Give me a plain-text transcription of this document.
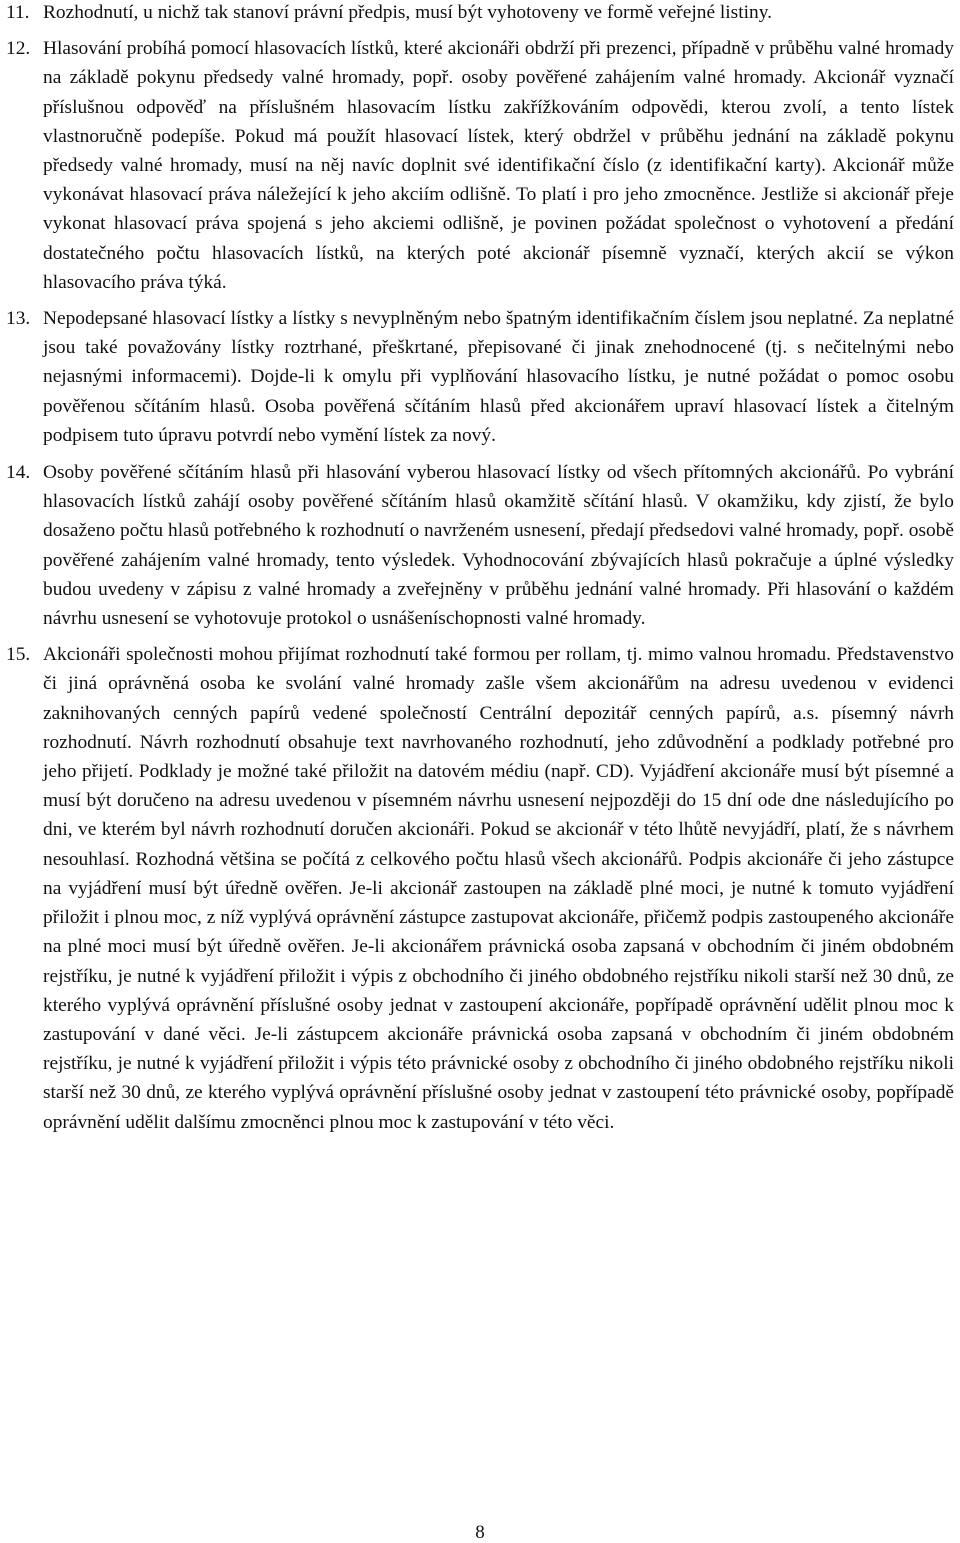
11. Rozhodnutí, u nichž tak stanoví právní předpis, musí být vyhotoveny ve formě veřejné listiny.
12. Hlasování probíhá pomocí hlasovacích lístků, které akcionáři obdrží při prezenci, případně v průběhu valné hromady na základě pokynu předsedy valné hromady, popř. osoby pověřené zahájením valné hromady. Akcionář vyznačí příslušnou odpověď na příslušném hlasovacím lístku zakřížkováním odpovědi, kterou zvolí, a tento lístek vlastnoručně podepíše. Pokud má použít hlasovací lístek, který obdržel v průběhu jednání na základě pokynu předsedy valné hromady, musí na něj navíc doplnit své identifikační číslo (z identifikační karty). Akcionář může vykonávat hlasovací práva náležející k jeho akciím odlišně. To platí i pro jeho zmocněnce. Jestliže si akcionář přeje vykonat hlasovací práva spojená s jeho akciemi odlišně, je povinen požádat společnost o vyhotovení a předání dostatečného počtu hlasovacích lístků, na kterých poté akcionář písemně vyznačí, kterých akcií se výkon hlasovacího práva týká.
13. Nepodepsané hlasovací lístky a lístky s nevyplněným nebo špatným identifikačním číslem jsou neplatné. Za neplatné jsou také považovány lístky roztrhané, přeškrtané, přepisované či jinak znehodnocené (tj. s nečitelnými nebo nejasnými informacemi). Dojde-li k omylu při vyplňování hlasovacího lístku, je nutné požádat o pomoc osobu pověřenou sčítáním hlasů. Osoba pověřená sčítáním hlasů před akcionářem upraví hlasovací lístek a čitelným podpisem tuto úpravu potvrdí nebo vymění lístek za nový.
14. Osoby pověřené sčítáním hlasů při hlasování vyberou hlasovací lístky od všech přítomných akcionářů. Po vybrání hlasovacích lístků zahájí osoby pověřené sčítáním hlasů okamžitě sčítání hlasů. V okamžiku, kdy zjistí, že bylo dosaženo počtu hlasů potřebného k rozhodnutí o navrženém usnesení, předají předsedovi valné hromady, popř. osobě pověřené zahájením valné hromady, tento výsledek. Vyhodnocování zbývajících hlasů pokračuje a úplné výsledky budou uvedeny v zápisu z valné hromady a zveřejněny v průběhu jednání valné hromady. Při hlasování o každém návrhu usnesení se vyhotovuje protokol o usnášeníschopnosti valné hromady.
15. Akcionáři společnosti mohou přijímat rozhodnutí také formou per rollam, tj. mimo valnou hromadu. Představenstvo či jiná oprávněná osoba ke svolání valné hromady zašle všem akcionářům na adresu uvedenou v evidenci zaknihovaných cenných papírů vedené společností Centrální depozitář cenných papírů, a.s. písemný návrh rozhodnutí. Návrh rozhodnutí obsahuje text navrhovaného rozhodnutí, jeho zdůvodnění a podklady potřebné pro jeho přijetí. Podklady je možné také přiložit na datovém médiu (např. CD). Vyjádření akcionáře musí být písemné a musí být doručeno na adresu uvedenou v písemném návrhu usnesení nejpozději do 15 dní ode dne následujícího po dni, ve kterém byl návrh rozhodnutí doručen akcionáři. Pokud se akcionář v této lhůtě nevyjádří, platí, že s návrhem nesouhlasí. Rozhodná většina se počítá z celkového počtu hlasů všech akcionářů. Podpis akcionáře či jeho zástupce na vyjádření musí být úředně ověřen. Je-li akcionář zastoupen na základě plné moci, je nutné k tomuto vyjádření přiložit i plnou moc, z níž vyplývá oprávnění zástupce zastupovat akcionáře, přičemž podpis zastoupeného akcionáře na plné moci musí být úředně ověřen. Je-li akcionářem právnická osoba zapsaná v obchodním či jiném obdobném rejstříku, je nutné k vyjádření přiložit i výpis z obchodního či jiného obdobného rejstříku nikoli starší než 30 dnů, ze kterého vyplývá oprávnění příslušné osoby jednat v zastoupení akcionáře, popřípadě oprávnění udělit plnou moc k zastupování v dané věci. Je-li zástupcem akcionáře právnická osoba zapsaná v obchodním či jiném obdobném rejstříku, je nutné k vyjádření přiložit i výpis této právnické osoby z obchodního či jiného obdobného rejstříku nikoli starší než 30 dnů, ze kterého vyplývá oprávnění příslušné osoby jednat v zastoupení této právnické osoby, popřípadě oprávnění udělit dalšímu zmocněnci plnou moc k zastupování v této věci.
8
